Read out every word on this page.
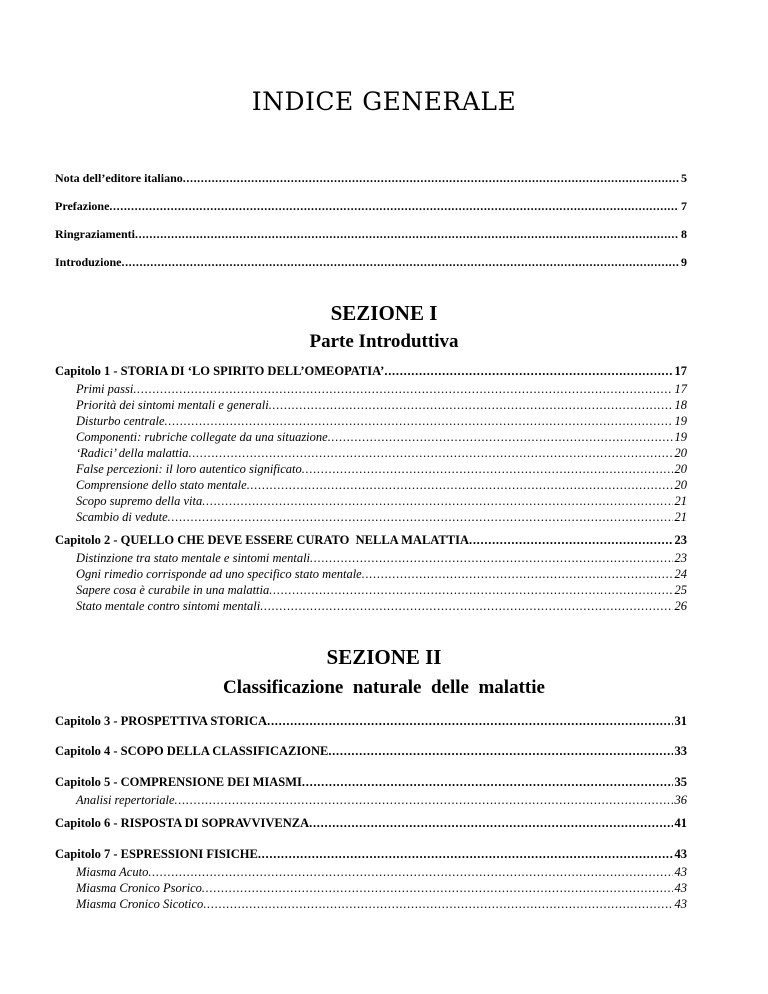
INDICE GENERALE
Nota dell’editore italiano . . .	5
Prefazione . . .	7
Ringraziamenti . . .	8
Introduzione . . .	9
SEZIONE I
Parte Introduttiva
Capitolo 1 - STORIA DI ‘LO SPIRITO DELL’OMEOPATIA’ . . .	17
Primi passi . . .	17
Priorità dei sintomi mentali e generali . . .	18
Disturbo centrale . . .	19
Componenti: rubriche collegate da una situazione . . .	19
‘Radici’ della malattia . . .	20
False percezioni: il loro autentico significato . . .	20
Comprensione dello stato mentale . . .	20
Scopo supremo della vita . . .	21
Scambio di vedute . . .	21
Capitolo 2 - QUELLO CHE DEVE ESSERE CURATO  NELLA MALATTIA . . .	23
Distinzione tra stato mentale e sintomi mentali . . .	23
Ogni rimedio corrisponde ad uno specifico stato mentale . . .	24
Sapere cosa è curabile in una malattia . . .	25
Stato mentale contro sintomi mentali . . .	26
SEZIONE II
Classificazione  naturale  delle  malattie
Capitolo 3 - PROSPETTIVA STORICA . . .	31
Capitolo 4 - SCOPO DELLA CLASSIFICAZIONE . . .	33
Capitolo 5 - COMPRENSIONE DEI MIASMI . . .	35
Analisi repertoriale . . .	36
Capitolo 6 - RISPOSTA DI SOPRAVVIVENZA . . .	41
Capitolo 7 - ESPRESSIONI FISICHE . . .	43
Miasma Acuto . . .	43
Miasma Cronico Psorico . . .	43
Miasma Cronico Sicotico . . .	43
